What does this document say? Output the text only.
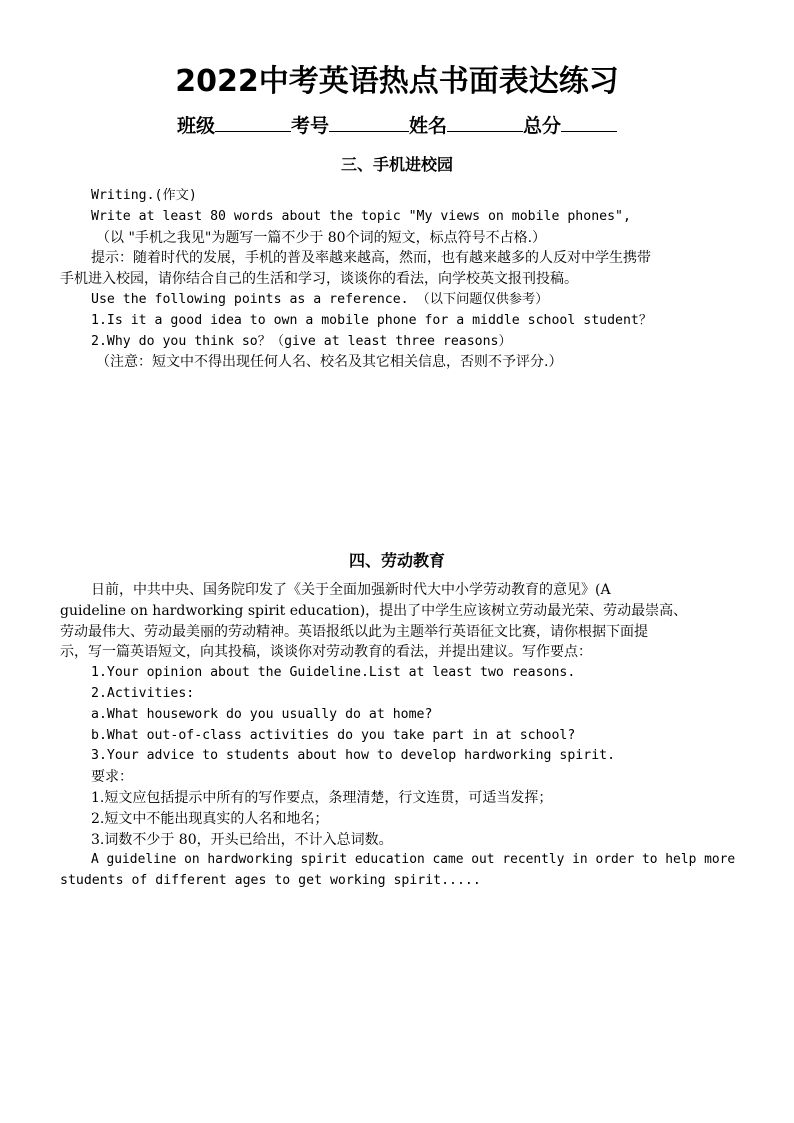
2022中考英语热点书面表达练习
班级	考号	姓名	总分
三、手机进校园
Writing.(作文)
Write at least 80 words about the topic "My views on mobile phones",
（以 "手机之我见"为题写一篇不少于 80个词的短文，标点符号不占格.）
提示：随着时代的发展，手机的普及率越来越高，然而，也有越来越多的人反对中学生携带
手机进入校园，请你结合自己的生活和学习，谈谈你的看法，向学校英文报刊投稿。
Use the following points as a reference. （以下问题仅供参考）
1.Is it a good idea to own a mobile phone for a middle school student？
2.Why do you think so？（give at least three reasons）
（注意：短文中不得出现任何人名、校名及其它相关信息，否则不予评分.）
四、劳动教育
日前，中共中央、国务院印发了《关于全面加强新时代大中小学劳动教育的意见》(A
guideline on hardworking spirit education)，提出了中学生应该树立劳动最光荣、劳动最崇高、
劳动最伟大、劳动最美丽的劳动精神。英语报纸以此为主题举行英语征文比赛，请你根据下面提
示，写一篇英语短文，向其投稿，谈谈你对劳动教育的看法，并提出建议。写作要点：
1.Your opinion about the Guideline.List at least two reasons.
2.Activities:
a.What housework do you usually do at home?
b.What out-of-class activities do you take part in at school?
3.Your advice to students about how to develop hardworking spirit.
要求：
1.短文应包括提示中所有的写作要点，条理清楚，行文连贯，可适当发挥；
2.短文中不能出现真实的人名和地名；
3.词数不少于 80，开头已给出，不计入总词数。
A guideline on hardworking spirit education came out recently in order to help more
students of different ages to get working spirit.....
